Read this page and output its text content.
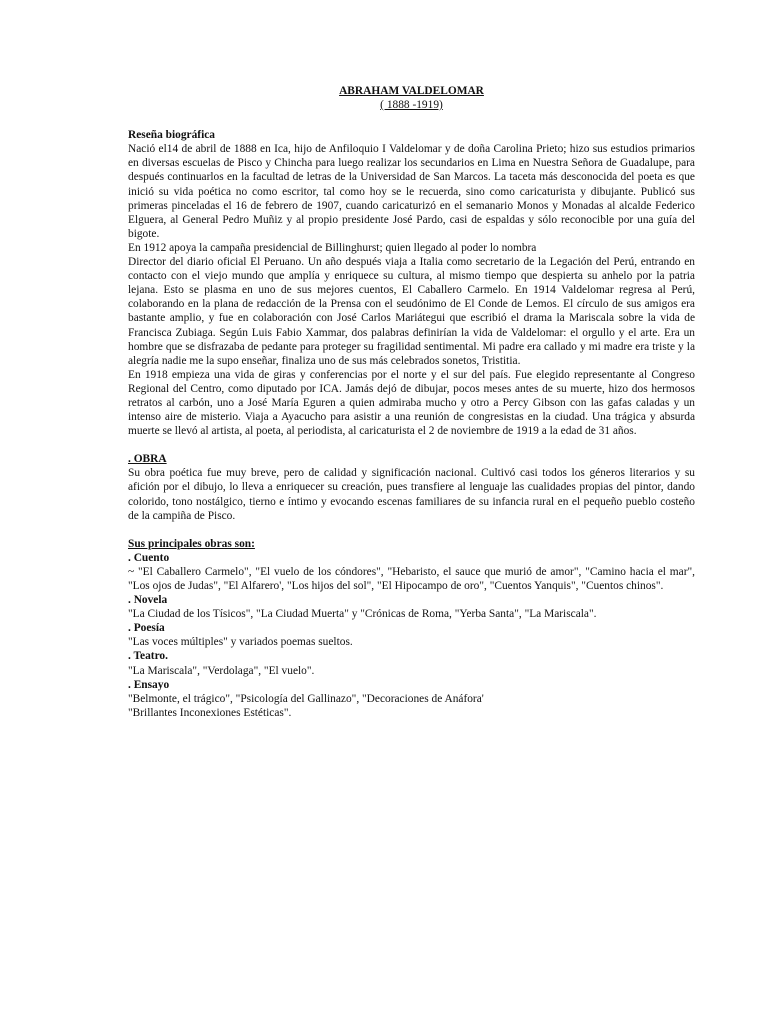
ABRAHAM VALDELOMAR
( 1888 -1919)
Reseña biográfica

Nació el14 de abril de 1888 en Ica, hijo de Anfiloquio I Valdelomar y de doña Carolina Prieto; hizo sus estudios primarios en diversas escuelas de Pisco y Chincha para luego realizar los secundarios en Lima en Nuestra Señora de Guadalupe, para después continuarlos en la facultad de letras de la Universidad de San Marcos. La taceta más desconocida del poeta es que inició su vida poética no como escritor, tal como hoy se le recuerda, sino como caricaturista y dibujante. Publicó sus primeras pinceladas el 16 de febrero de 1907, cuando caricaturizó en el semanario Monos y Monadas al alcalde Federico Elguera, al General Pedro Muñiz y al propio presidente José Pardo, casi de espaldas y sólo reconocible por una guía del bigote.

En 1912 apoya la campaña presidencial de Billinghurst; quien llegado al poder lo nombra

Director del diario oficial El Peruano. Un año después viaja a Italia como secretario de la Legación del Perú, entrando en contacto con el viejo mundo que amplía y enriquece su cultura, al mismo tiempo que despierta su anhelo por la patria lejana. Esto se plasma en uno de sus mejores cuentos, El Caballero Carmelo. En 1914 Valdelomar regresa al Perú, colaborando en la plana de redacción de la Prensa con el seudónimo de El Conde de Lemos. El círculo de sus amigos era bastante amplio, y fue en colaboración con José Carlos Mariátegui que escribió el drama la Mariscala sobre la vida de Francisca Zubiaga. Según Luis Fabio Xammar, dos palabras definirían la vida de Valdelomar: el orgullo y el arte. Era un hombre que se disfrazaba de pedante para proteger su fragilidad sentimental. Mi padre era callado y mi madre era triste y la alegría nadie me la supo enseñar, finaliza uno de sus más celebrados sonetos, Tristitia.

En 1918 empieza una vida de giras y conferencias por el norte y el sur del país. Fue elegido representante al Congreso Regional del Centro, como diputado por ICA. Jamás dejó de dibujar, pocos meses antes de su muerte, hizo dos hermosos retratos al carbón, uno a José María Eguren a quien admiraba mucho y otro a Percy Gibson con las gafas caladas y un intenso aire de misterio. Viaja a Ayacucho para asistir a una reunión de congresistas en la ciudad. Una trágica y absurda muerte se llevó al artista, al poeta, al periodista, al caricaturista el 2 de noviembre de 1919 a la edad de 31 años.

. OBRA

Su obra poética fue muy breve, pero de calidad y significación nacional. Cultivó casi todos los géneros literarios y su afición por el dibujo, lo lleva a enriquecer su creación, pues transfiere al lenguaje las cualidades propias del pintor, dando colorido, tono nostálgico, tierno e íntimo y evocando escenas familiares de su infancia rural en el pequeño pueblo costeño de la campiña de Pisco.

Sus principales obras son:
. Cuento

~ "El Caballero Carmelo", "El vuelo de los cóndores", "Hebaristo, el sauce que murió de amor", "Camino hacia el mar", "Los ojos de Judas", "El Alfarero', "Los hijos del sol", "El Hipocampo de oro", "Cuentos Yanquis", "Cuentos chinos".

. Novela

"La Ciudad de los Tísicos", "La Ciudad Muerta" y "Crónicas de Roma, "Yerba Santa", "La Mariscala".

. Poesía

"Las voces múltiples" y variados poemas sueltos.

. Teatro.

"La Mariscala", "Verdolaga", "El vuelo".

. Ensayo

"Belmonte, el trágico", "Psicología del Gallinazo", "Decoraciones de Anáfora'

"Brillantes Inconexiones Estéticas".
